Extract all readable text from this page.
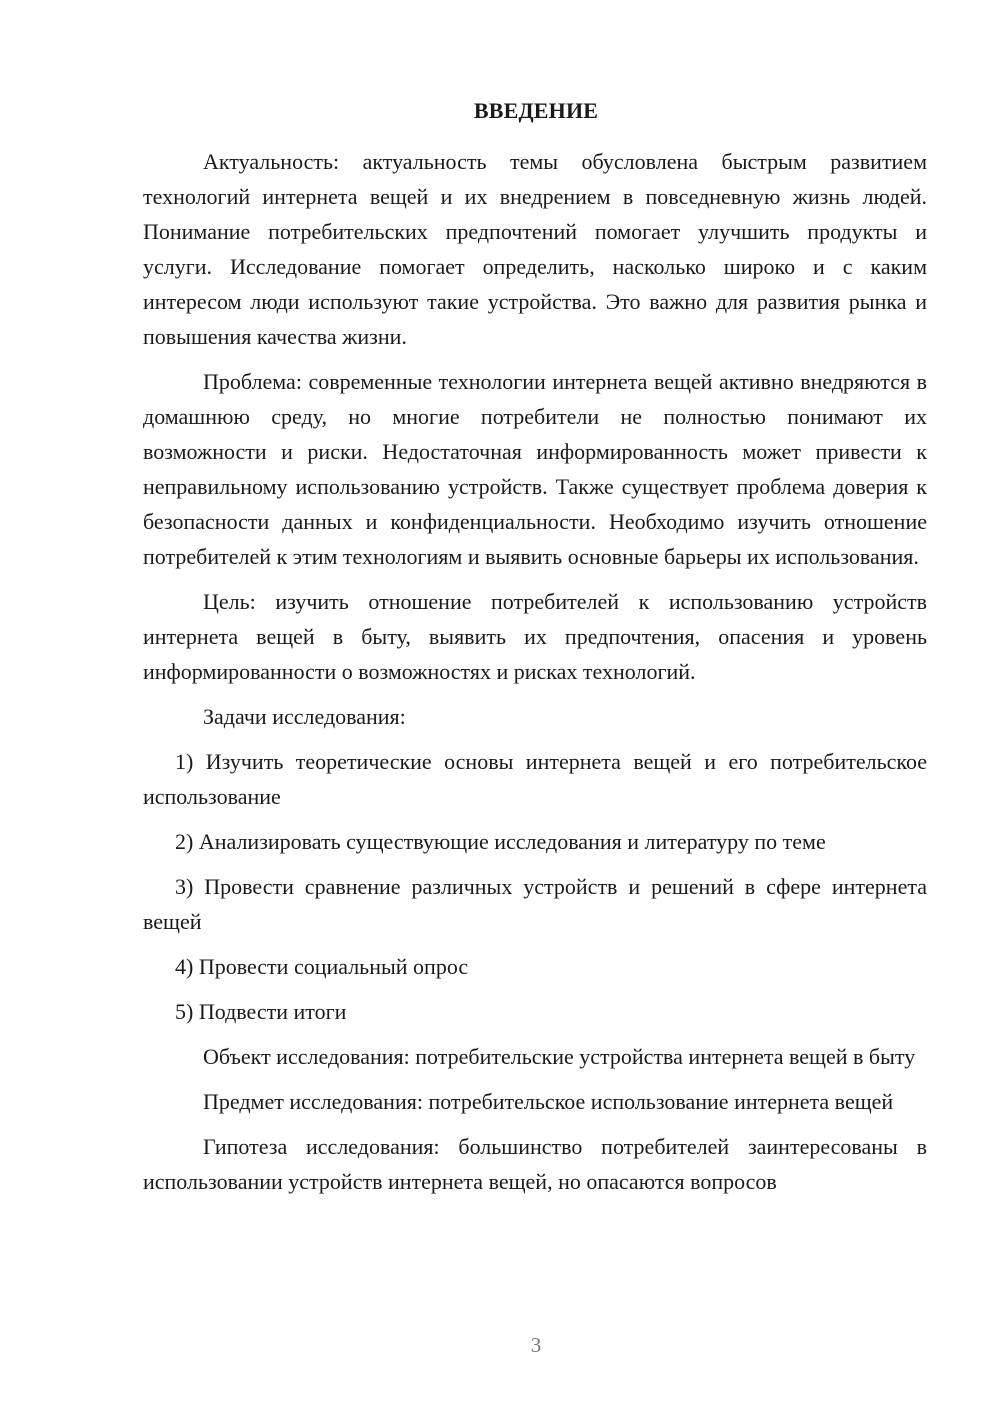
ВВЕДЕНИЕ

Актуальность: актуальность темы обусловлена быстрым развитием технологий интернета вещей и их внедрением в повседневную жизнь людей. Понимание потребительских предпочтений помогает улучшить продукты и услуги. Исследование помогает определить, насколько широко и с каким интересом люди используют такие устройства. Это важно для развития рынка и повышения качества жизни.

Проблема: современные технологии интернета вещей активно внедряются в домашнюю среду, но многие потребители не полностью понимают их возможности и риски. Недостаточная информированность может привести к неправильному использованию устройств. Также существует проблема доверия к безопасности данных и конфиденциальности. Необходимо изучить отношение потребителей к этим технологиям и выявить основные барьеры их использования.

Цель: изучить отношение потребителей к использованию устройств интернета вещей в быту, выявить их предпочтения, опасения и уровень информированности о возможностях и рисках технологий.

Задачи исследования:

1) Изучить теоретические основы интернета вещей и его потребительское использование

2) Анализировать существующие исследования и литературу по теме

3) Провести сравнение различных устройств и решений в сфере интернета вещей

4) Провести социальный опрос

5) Подвести итоги

Объект исследования: потребительские устройства интернета вещей в быту

Предмет исследования: потребительское использование интернета вещей

Гипотеза исследования: большинство потребителей заинтересованы в использовании устройств интернета вещей, но опасаются вопросов

3
